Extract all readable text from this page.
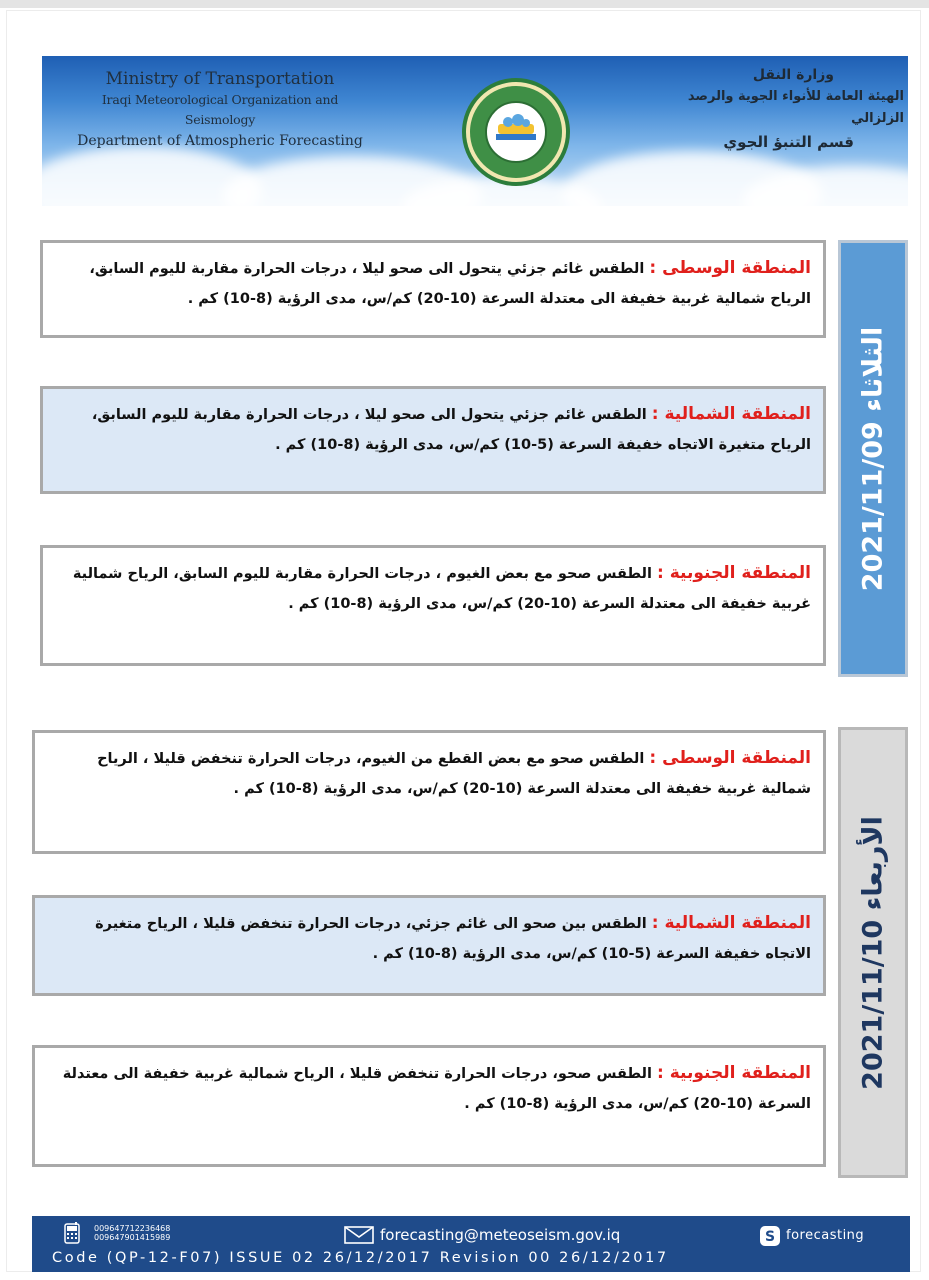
Ministry of Transportation
Iraqi Meteorological Organization and Seismology
Department of Atmospheric Forecasting
وزارة النقل
الهيئة العامة للأنواء الجوية والرصد الزلزالي
قسم التنبؤ الجوي
المنطقة الوسطى : الطقس غائم جزئي يتحول الى صحو ليلا ، درجات الحرارة مقاربة لليوم السابق، الرياح شمالية غربية خفيفة الى معتدلة السرعة (10-20) كم/س، مدى الرؤية (8-10) كم .
المنطقة الشمالية : الطقس غائم جزئي يتحول الى صحو ليلا ، درجات الحرارة مقاربة لليوم السابق، الرياح متغيرة الاتجاه خفيفة السرعة (5-10) كم/س، مدى الرؤية (8-10) كم .
المنطقة الجنوبية : الطقس صحو مع بعض الغيوم ، درجات الحرارة مقاربة لليوم السابق، الرياح شمالية غربية خفيفة الى معتدلة السرعة (10-20) كم/س، مدى الرؤية (8-10) كم .
الثلاثاء 2021/11/09
المنطقة الوسطى : الطقس صحو مع بعض القطع من الغيوم، درجات الحرارة تنخفض قليلا ، الرياح شمالية غربية خفيفة الى معتدلة السرعة (10-20) كم/س، مدى الرؤية (8-10) كم .
المنطقة الشمالية : الطقس بين صحو الى غائم جزئي، درجات الحرارة تنخفض قليلا ، الرياح متغيرة الاتجاه خفيفة السرعة (5-10) كم/س، مدى الرؤية (8-10) كم .
المنطقة الجنوبية : الطقس صحو، درجات الحرارة تنخفض قليلا ، الرياح شمالية غربية خفيفة الى معتدلة السرعة (10-20) كم/س، مدى الرؤية (8-10) كم .
الأربعاء 2021/11/10
009647712236468
009647901415989	forecasting@meteoseism.gov.iq	S forecasting
Code (QP-12-F07) ISSUE 02 26/12/2017 Revision 00 26/12/2017
